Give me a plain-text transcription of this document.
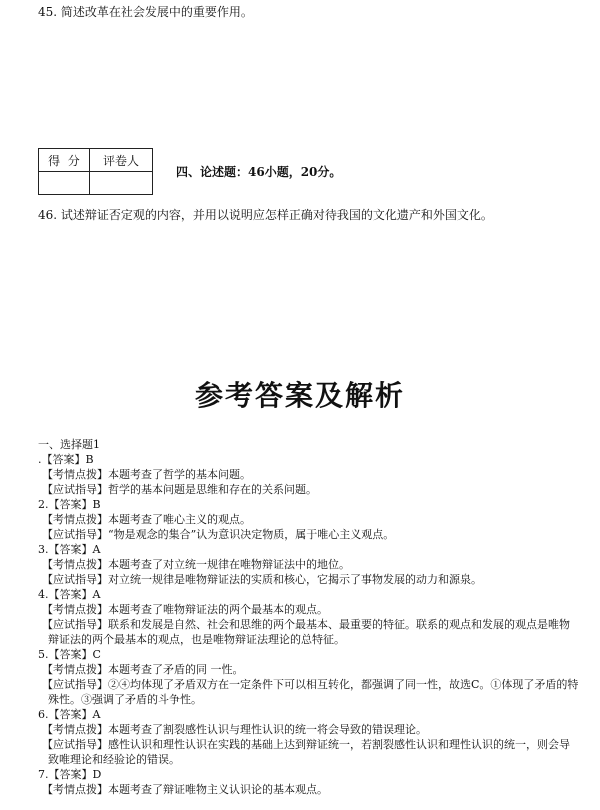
45. 简述改革在社会发展中的重要作用。
得  分	评卷人

四、论述题：46小题，20分。
46. 试述辩证否定观的内容，并用以说明应怎样正确对待我国的文化遗产和外国文化。
参考答案及解析
一、选择题1
.【答案】B
【考情点拨】本题考查了哲学的基本问题。
【应试指导】哲学的基本问题是思维和存在的关系问题。
2.【答案】B
【考情点拨】本题考查了唯心主义的观点。
【应试指导】“物是观念的集合”认为意识决定物质，属于唯心主义观点。
3.【答案】A
【考情点拨】本题考查了对立统一规律在唯物辩证法中的地位。
【应试指导】对立统一规律是唯物辩证法的实质和核心，它揭示了事物发展的动力和源泉。
4.【答案】A
【考情点拨】本题考查了唯物辩证法的两个最基本的观点。
【应试指导】联系和发展是自然、社会和思维的两个最基本、最重要的特征。联系的观点和发展的观点是唯物
辩证法的两个最基本的观点，也是唯物辩证法理论的总特征。
5.【答案】C
【考情点拨】本题考查了矛盾的同 一性。
【应试指导】②④均体现了矛盾双方在一定条件下可以相互转化，都强调了同一性，故选C。①体现了矛盾的特
殊性。③强调了矛盾的斗争性。
6.【答案】A
【考情点拨】本题考查了割裂感性认识与理性认识的统一将会导致的错误理论。
【应试指导】感性认识和理性认识在实践的基础上达到辩证统一，若割裂感性认识和理性认识的统一，则会导
致唯理论和经验论的错误。
7.【答案】D
【考情点拨】本题考查了辩证唯物主义认识论的基本观点。
